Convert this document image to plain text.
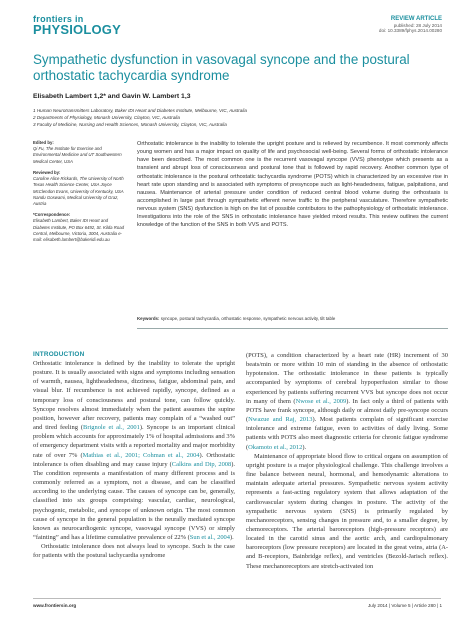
frontiers in
PHYSIOLOGY
REVIEW ARTICLE
published: 28 July 2014
doi: 10.3389/fphys.2014.00280
Sympathetic dysfunction in vasovagal syncope and the postural orthostatic tachycardia syndrome
Elisabeth Lambert 1,2* and Gavin W. Lambert 1,3
1 Human Neurotransmitters Laboratory, Baker IDI Heart and Diabetes Institute, Melbourne, VIC, Australia
2 Departments of Physiology, Monash University, Clayton, VIC, Australia
3 Faculty of Medicine, Nursing and Health Sciences, Monash University, Clayton, VIC, Australia
Edited by:
Qi Fu, The Institute for Exercise and Environmental Medicine and UT Southwestern Medical Center, USA
Reviewed by:
Caroline Alice Rickards, The University of North Texas Health Science Center, USA Joyce McClendon Evans, University of Kentucky, USA Nandu Goswami, Medical University of Graz, Austria
*Correspondence:
Elisabeth Lambert, Baker IDI Heart and Diabetes Institute, PO Box 6492, St. Kilda Road Central, Melbourne, Victoria, 3004, Australia e-mail: elisabeth.lambert@bakeridi.edu.au

Orthostatic intolerance is the inability to tolerate the upright posture and is relieved by recumbence. It most commonly affects young women and has a major impact on quality of life and psychosocial well-being. Several forms of orthostatic intolerance have been described. The most common one is the recurrent vasovagal syncope (VVS) phenotype which presents as a transient and abrupt loss of consciousness and postural tone that is followed by rapid recovery. Another common type of orthostatic intolerance is the postural orthostatic tachycardia syndrome (POTS) which is characterized by an excessive rise in heart rate upon standing and is associated with symptoms of presyncope such as light-headedness, fatigue, palpitations, and nausea. Maintenance of arterial pressure under condition of reduced central blood volume during the orthostasis is accomplished in large part through sympathetic efferent nerve traffic to the peripheral vasculature. Therefore sympathetic nervous system (SNS) dysfunction is high on the list of possible contributors to the pathophysiology of orthostatic intolerance. Investigations into the role of the SNS in orthostatic intolerance have yielded mixed results. This review outlines the current knowledge of the function of the SNS in both VVS and POTS.

Keywords: syncope, postural tachycardia, orthostatic response, sympathetic nervous activity, tilt table
INTRODUCTION

Orthostatic intolerance is defined by the inability to tolerate the upright posture. It is usually associated with signs and symptoms including sensation of warmth, nausea, lightheadedness, dizziness, fatigue, abdominal pain, and visual blur. If recumbence is not achieved rapidly, syncope, defined as a temporary loss of consciousness and postural tone, can follow quickly. Syncope resolves almost immediately when the patient assumes the supine position, however after recovery, patients may complain of a “washed out” and tired feeling (Brignole et al., 2001). Syncope is an important clinical problem which accounts for approximately 1% of hospital admissions and 3% of emergency department visits with a reported mortality and major morbidity rate of over 7% (Mathias et al., 2001; Cohman et al., 2004). Orthostatic intolerance is often disabling and may cause injury (Calkins and Dip, 2008). The condition represents a manifestation of many different process and is commonly referred as a symptom, not a disease, and can be classified according to the underlying cause. The causes of syncope can be, generally, classified into six groups comprising: vascular, cardiac, neurological, psychogenic, metabolic, and syncope of unknown origin. The most common cause of syncope in the general population is the neurally mediated syncope known as neurocardiogenic syncope, vasovagal syncope (VVS) or simply “fainting” and has a lifetime cumulative prevalence of 22% (Sun et al., 2004).

Orthostatic intolerance does not always lead to syncope. Such is the case for patients with the postural tachycardia syndrome

(POTS), a condition characterized by a heart rate (HR) increment of 30 beats/min or more within 10 min of standing in the absence of orthostatic hypotension. The orthostatic intolerance in these patients is typically accompanied by symptoms of cerebral hypoperfusion similar to those experienced by patients suffering recurrent VVS but syncope does not occur in many of them (Nwose et al., 2009). In fact only a third of patients with POTS have frank syncope, although daily or almost daily pre-syncope occurs (Nwazue and Raj, 2013). Most patients complain of significant exercise intolerance and extreme fatigue, even to activities of daily living. Some patients with POTS also meet diagnostic criteria for chronic fatigue syndrome (Okamoto et al., 2012).

Maintenance of appropriate blood flow to critical organs on assumption of upright posture is a major physiological challenge. This challenge involves a fine balance between neural, hormonal, and hemodynamic alterations to maintain adequate arterial pressures. Sympathetic nervous system activity represents a fast-acting regulatory system that allows adaptation of the cardiovascular system during changes in posture. The activity of the sympathetic nervous system (SNS) is primarily regulated by mechanoreceptors, sensing changes in pressure and, to a smaller degree, by chemoreceptors. The arterial baroreceptors (high-pressure receptors) are located in the carotid sinus and the aortic arch, and cardiopulmonary baroreceptors (low pressure receptors) are located in the great veins, atria (A- and B-receptors, Bainbridge reflex), and ventricles (Bezold-Jarisch reflex). These mechanoreceptors are stretch-activated ion

www.frontiersin.org	July 2014 | Volume 5 | Article 280 | 1
